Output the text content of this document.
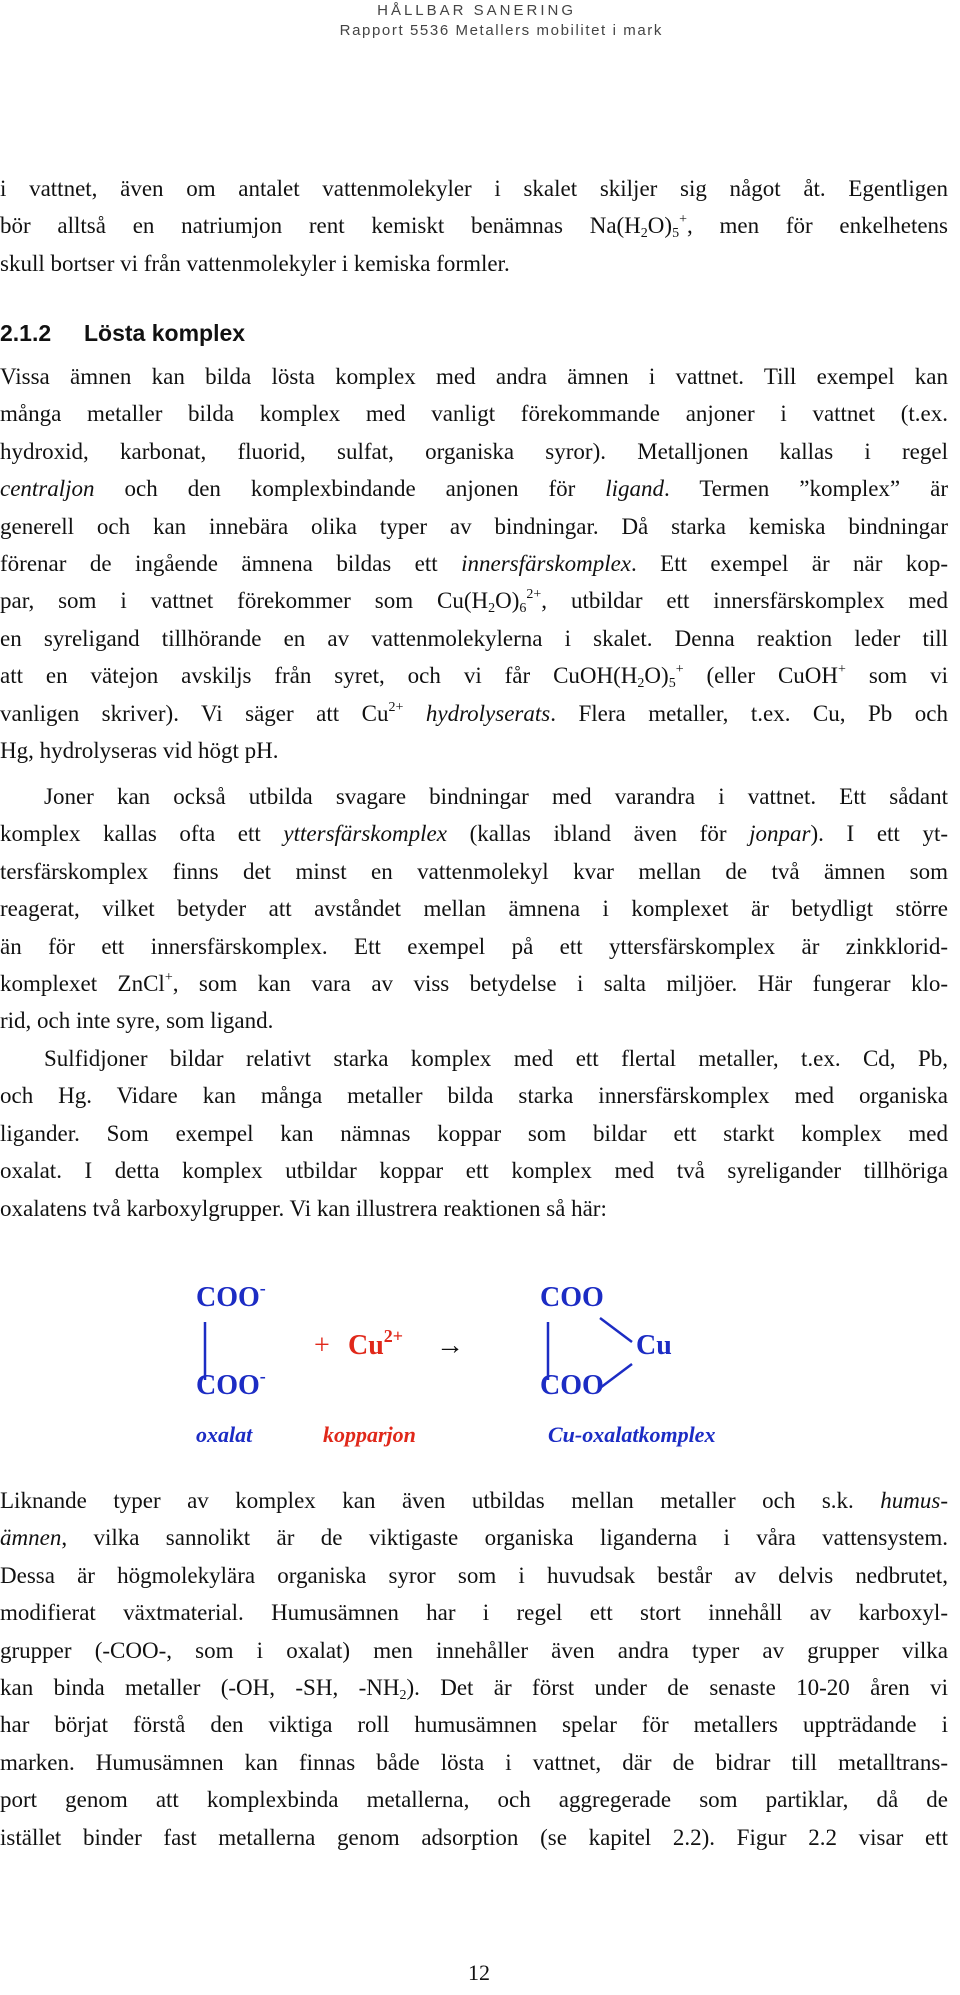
HÅLLBAR SANERING
Rapport 5536 Metallers mobilitet i mark
i vattnet, även om antalet vattenmolekyler i skalet skiljer sig något åt. Egentligen
bör alltså en natriumjon rent kemiskt benämnas $Na(H_2O)_5^+$, men för enkelhetens
skull bortser vi från vattenmolekyler i kemiska formler.
2.1.2 Lösta komplex
Vissa ämnen kan bilda lösta komplex med andra ämnen i vattnet. Till exempel kan
många metaller bilda komplex med vanligt förekommande anjoner i vattnet (t.ex.
hydroxid, karbonat, fluorid, sulfat, organiska syror). Metalljonen kallas i regel
centraljon och den komplexbindande anjonen för ligand. Termen ”komplex” är
generell och kan innebära olika typer av bindningar. Då starka kemiska bindningar
förenar de ingående ämnena bildas ett innersfärskomplex. Ett exempel är när kop-
par, som i vattnet förekommer som $Cu(H_2O)_6^{2+}$, utbildar ett innersfärskomplex med
en syreligand tillhörande en av vattenmolekylerna i skalet. Denna reaktion leder till
att en vätejon avskiljs från syret, och vi får $CuOH(H_2O)_5^+$ (eller CuOH+ som vi
vanligen skriver). Vi säger att $Cu^{2+}$ hydrolyserats. Flera metaller, t.ex. Cu, Pb och
Hg, hydrolyseras vid högt pH.
Joner kan också utbilda svagare bindningar med varandra i vattnet. Ett sådant
komplex kallas ofta ett yttersfärskomplex (kallas ibland även för jonpar). I ett yt-
tersfärskomplex finns det minst en vattenmolekyl kvar mellan de två ämnen som
reagerat, vilket betyder att avståndet mellan ämnena i komplexet är betydligt större
än för ett innersfärskomplex. Ett exempel på ett yttersfärskomplex är zinkklorid-
komplexet ZnCl+, som kan vara av viss betydelse i salta miljöer. Här fungerar klo-
rid, och inte syre, som ligand.
Sulfidjoner bildar relativt starka komplex med ett flertal metaller, t.ex. Cd, Pb,
och Hg. Vidare kan många metaller bilda starka innersfärskomplex med organiska
ligander. Som exempel kan nämnas koppar som bildar ett starkt komplex med
oxalat. I detta komplex utbildar koppar ett komplex med två syreligander tillhöriga
oxalatens två karboxylgrupper. Vi kan illustrera reaktionen så här:
COO-
COO-
+ $Cu^{2+}$ →
COO
Cu
COO
oxalat	kopparjon	Cu-oxalatkomplex
Liknande typer av komplex kan även utbildas mellan metaller och s.k. humus-
ämnen, vilka sannolikt är de viktigaste organiska liganderna i våra vattensystem.
Dessa är högmolekylära organiska syror som i huvudsak består av delvis nedbrutet,
modifierat växtmaterial. Humusämnen har i regel ett stort innehåll av karboxyl-
grupper (-COO-, som i oxalat) men innehåller även andra typer av grupper vilka
kan binda metaller (-OH, -SH, $-NH_2$). Det är först under de senaste 10-20 åren vi
har börjat förstå den viktiga roll humusämnen spelar för metallers uppträdande i
marken. Humusämnen kan finnas både lösta i vattnet, där de bidrar till metalltrans-
port genom att komplexbinda metallerna, och aggregerade som partiklar, då de
istället binder fast metallerna genom adsorption (se kapitel 2.2). Figur 2.2 visar ett
12
